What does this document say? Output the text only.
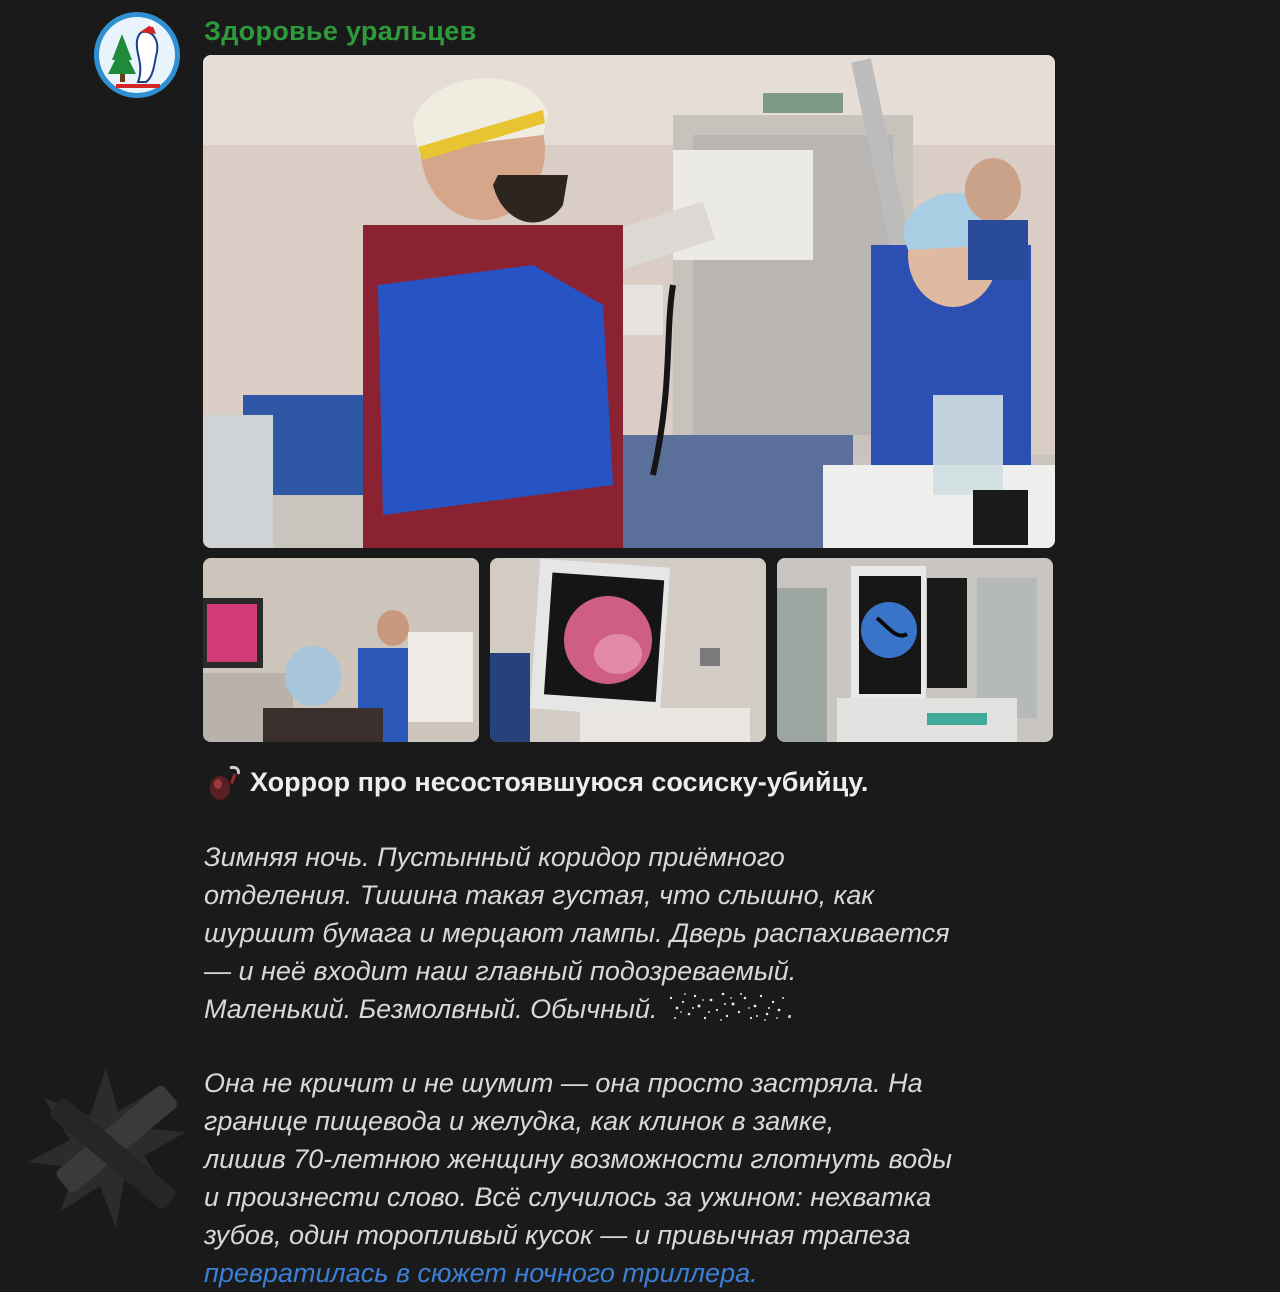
Здоровье уральцев
Хоррор про несостоявшуюся сосиску-убийцу.

Зимняя ночь. Пустынный коридор приёмного
отделения. Тишина такая густая, что слышно, как
шуршит бумага и мерцают лампы. Дверь распахивается
— и неё входит наш главный подозреваемый.
Маленький. Безмолвный. Обычный.	.

Она не кричит и не шумит — она просто застряла. На
границе пищевода и желудка, как клинок в замке,
лишив 70-летнюю женщину возможности глотнуть воды
и произнести слово. Всё случилось за ужином: нехватка
зубов, один торопливый кусок — и привычная трапеза
превратилась в сюжет ночного триллера.
